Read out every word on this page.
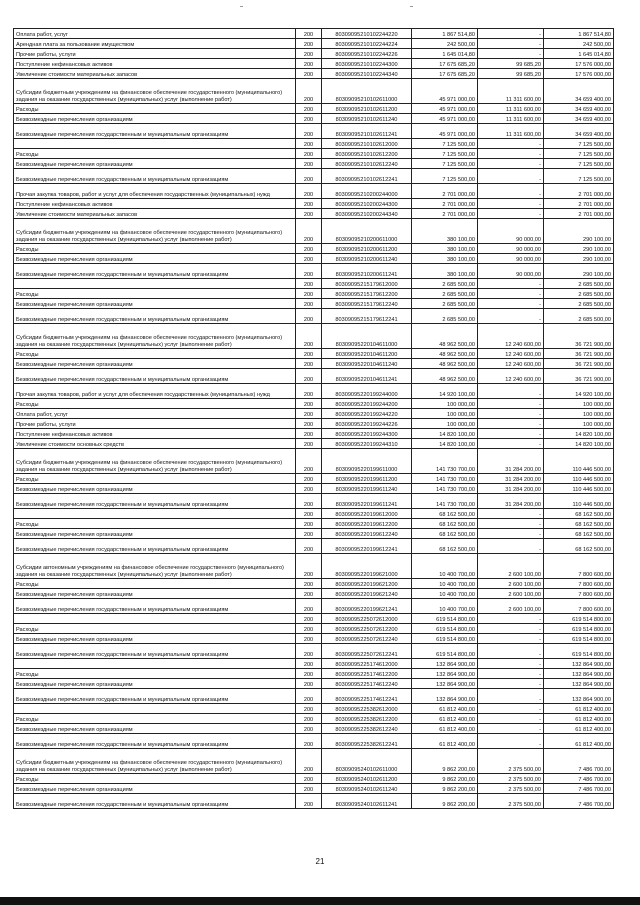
Оплата работ, услуг	200	80309095210102244220	1 867 514,80	-	1 867 514,80
Арендная плата за пользование имуществом	200	80309095210102244224	242 500,00	-	242 500,00
Прочие работы, услуги	200	80309095210102244226	1 645 014,80	-	1 645 014,80
Поступление нефинансовых активов	200	80309095210102244300	17 675 685,20	99 685,20	17 576 000,00
Увеличение стоимости материальных запасов	200	80309095210102244340	17 675 685,20	99 685,20	17 576 000,00
Субсидии бюджетным учреждениям на финансовое обеспечение государственного (муниципального) задания на оказание государственных (муниципальных) услуг (выполнение работ)	200	80309095210102611000	45 971 000,00	11 311 600,00	34 659 400,00
Расходы	200	80309095210102611200	45 971 000,00	11 311 600,00	34 659 400,00
Безвозмездные перечисления организациям	200	80309095210102611240	45 971 000,00	11 311 600,00	34 659 400,00
Безвозмездные перечисления государственным и муниципальным организациям	200	80309095210102611241	45 971 000,00	11 311 600,00	34 659 400,00
	200	80309095210102612000	7 125 500,00	-	7 125 500,00
Расходы	200	80309095210102612200	7 125 500,00	-	7 125 500,00
Безвозмездные перечисления организациям	200	80309095210102612240	7 125 500,00	-	7 125 500,00
Безвозмездные перечисления государственным и муниципальным организациям	200	80309095210102612241	7 125 500,00	-	7 125 500,00
Прочая закупка товаров, работ и услуг для обеспечения государственных (муниципальных) нужд	200	80309095210200244000	2 701 000,00	-	2 701 000,00
Поступление нефинансовых активов	200	80309095210200244300	2 701 000,00	-	2 701 000,00
Увеличение стоимости материальных запасов	200	80309095210200244340	2 701 000,00	-	2 701 000,00
Субсидии бюджетным учреждениям на финансовое обеспечение государственного (муниципального) задания на оказание государственных (муниципальных) услуг (выполнение работ)	200	80309095210200611000	380 100,00	90 000,00	290 100,00
Расходы	200	80309095210200611200	380 100,00	90 000,00	290 100,00
Безвозмездные перечисления организациям	200	80309095210200611240	380 100,00	90 000,00	290 100,00
Безвозмездные перечисления государственным и муниципальным организациям	200	80309095210200611241	380 100,00	90 000,00	290 100,00
	200	80309095215179612000	2 685 500,00	-	2 685 500,00
Расходы	200	80309095215179612200	2 685 500,00	-	2 685 500,00
Безвозмездные перечисления организациям	200	80309095215179612240	2 685 500,00	-	2 685 500,00
Безвозмездные перечисления государственным и муниципальным организациям	200	80309095215179612241	2 685 500,00	-	2 685 500,00
Субсидии бюджетным учреждениям на финансовое обеспечение государственного (муниципального) задания на оказание государственных (муниципальных) услуг (выполнение работ)	200	80309095220104611000	48 962 500,00	12 240 600,00	36 721 900,00
Расходы	200	80309095220104611200	48 962 500,00	12 240 600,00	36 721 900,00
Безвозмездные перечисления организациям	200	80309095220104611240	48 962 500,00	12 240 600,00	36 721 900,00
Безвозмездные перечисления государственным и муниципальным организациям	200	80309095220104611241	48 962 500,00	12 240 600,00	36 721 900,00
Прочая закупка товаров, работ и услуг для обеспечения государственных (муниципальных) нужд	200	80309095220199244000	14 920 100,00	-	14 920 100,00
Расходы	200	80309095220199244200	100 000,00	-	100 000,00
Оплата работ, услуг	200	80309095220199244220	100 000,00	-	100 000,00
Прочие работы, услуги	200	80309095220199244226	100 000,00	-	100 000,00
Поступление нефинансовых активов	200	80309095220199244300	14 820 100,00	-	14 820 100,00
Увеличение стоимости основных средств	200	80309095220199244310	14 820 100,00	-	14 820 100,00
Субсидии бюджетным учреждениям на финансовое обеспечение государственного (муниципального) задания на оказание государственных (муниципальных) услуг (выполнение работ)	200	80309095220199611000	141 730 700,00	31 284 200,00	110 446 500,00
Расходы	200	80309095220199611200	141 730 700,00	31 284 200,00	110 446 500,00
Безвозмездные перечисления организациям	200	80309095220199611240	141 730 700,00	31 284 200,00	110 446 500,00
Безвозмездные перечисления государственным и муниципальным организациям	200	80309095220199611241	141 730 700,00	31 284 200,00	110 446 500,00
	200	80309095220199612000	68 162 500,00	-	68 162 500,00
Расходы	200	80309095220199612200	68 162 500,00	-	68 162 500,00
Безвозмездные перечисления организациям	200	80309095220199612240	68 162 500,00	-	68 162 500,00
Безвозмездные перечисления государственным и муниципальным организациям	200	80309095220199612241	68 162 500,00	-	68 162 500,00
Субсидии автономным учреждениям на финансовое обеспечение государственного (муниципального) задания на оказание государственных (муниципальных) услуг (выполнение работ)	200	80309095220199621000	10 400 700,00	2 600 100,00	7 800 600,00
Расходы	200	80309095220199621200	10 400 700,00	2 600 100,00	7 800 600,00
Безвозмездные перечисления организациям	200	80309095220199621240	10 400 700,00	2 600 100,00	7 800 600,00
Безвозмездные перечисления государственным и муниципальным организациям	200	80309095220199621241	10 400 700,00	2 600 100,00	7 800 600,00
	200	80309095225072612000	619 514 800,00	-	619 514 800,00
Расходы	200	80309095225072612200	619 514 800,00	-	619 514 800,00
Безвозмездные перечисления организациям	200	80309095225072612240	619 514 800,00	-	619 514 800,00
Безвозмездные перечисления государственным и муниципальным организациям	200	80309095225072612241	619 514 800,00	-	619 514 800,00
	200	80309095225174612000	132 864 900,00	-	132 864 900,00
Расходы	200	80309095225174612200	132 864 900,00	-	132 864 900,00
Безвозмездные перечисления организациям	200	80309095225174612240	132 864 900,00	-	132 864 900,00
Безвозмездные перечисления государственным и муниципальным организациям	200	80309095225174612241	132 864 900,00	-	132 864 900,00
	200	80309095225382612000	61 812 400,00	-	61 812 400,00
Расходы	200	80309095225382612200	61 812 400,00	-	61 812 400,00
Безвозмездные перечисления организациям	200	80309095225382612240	61 812 400,00	-	61 812 400,00
Безвозмездные перечисления государственным и муниципальным организациям	200	80309095225382612241	61 812 400,00	-	61 812 400,00
Субсидии бюджетным учреждениям на финансовое обеспечение государственного (муниципального) задания на оказание государственных (муниципальных) услуг (выполнение работ)	200	80309095240102611000	9 862 200,00	2 375 500,00	7 486 700,00
Расходы	200	80309095240102611200	9 862 200,00	2 375 500,00	7 486 700,00
Безвозмездные перечисления организациям	200	80309095240102611240	9 862 200,00	2 375 500,00	7 486 700,00
Безвозмездные перечисления государственным и муниципальным организациям	200	80309095240102611241	9 862 200,00	2 375 500,00	7 486 700,00
21
